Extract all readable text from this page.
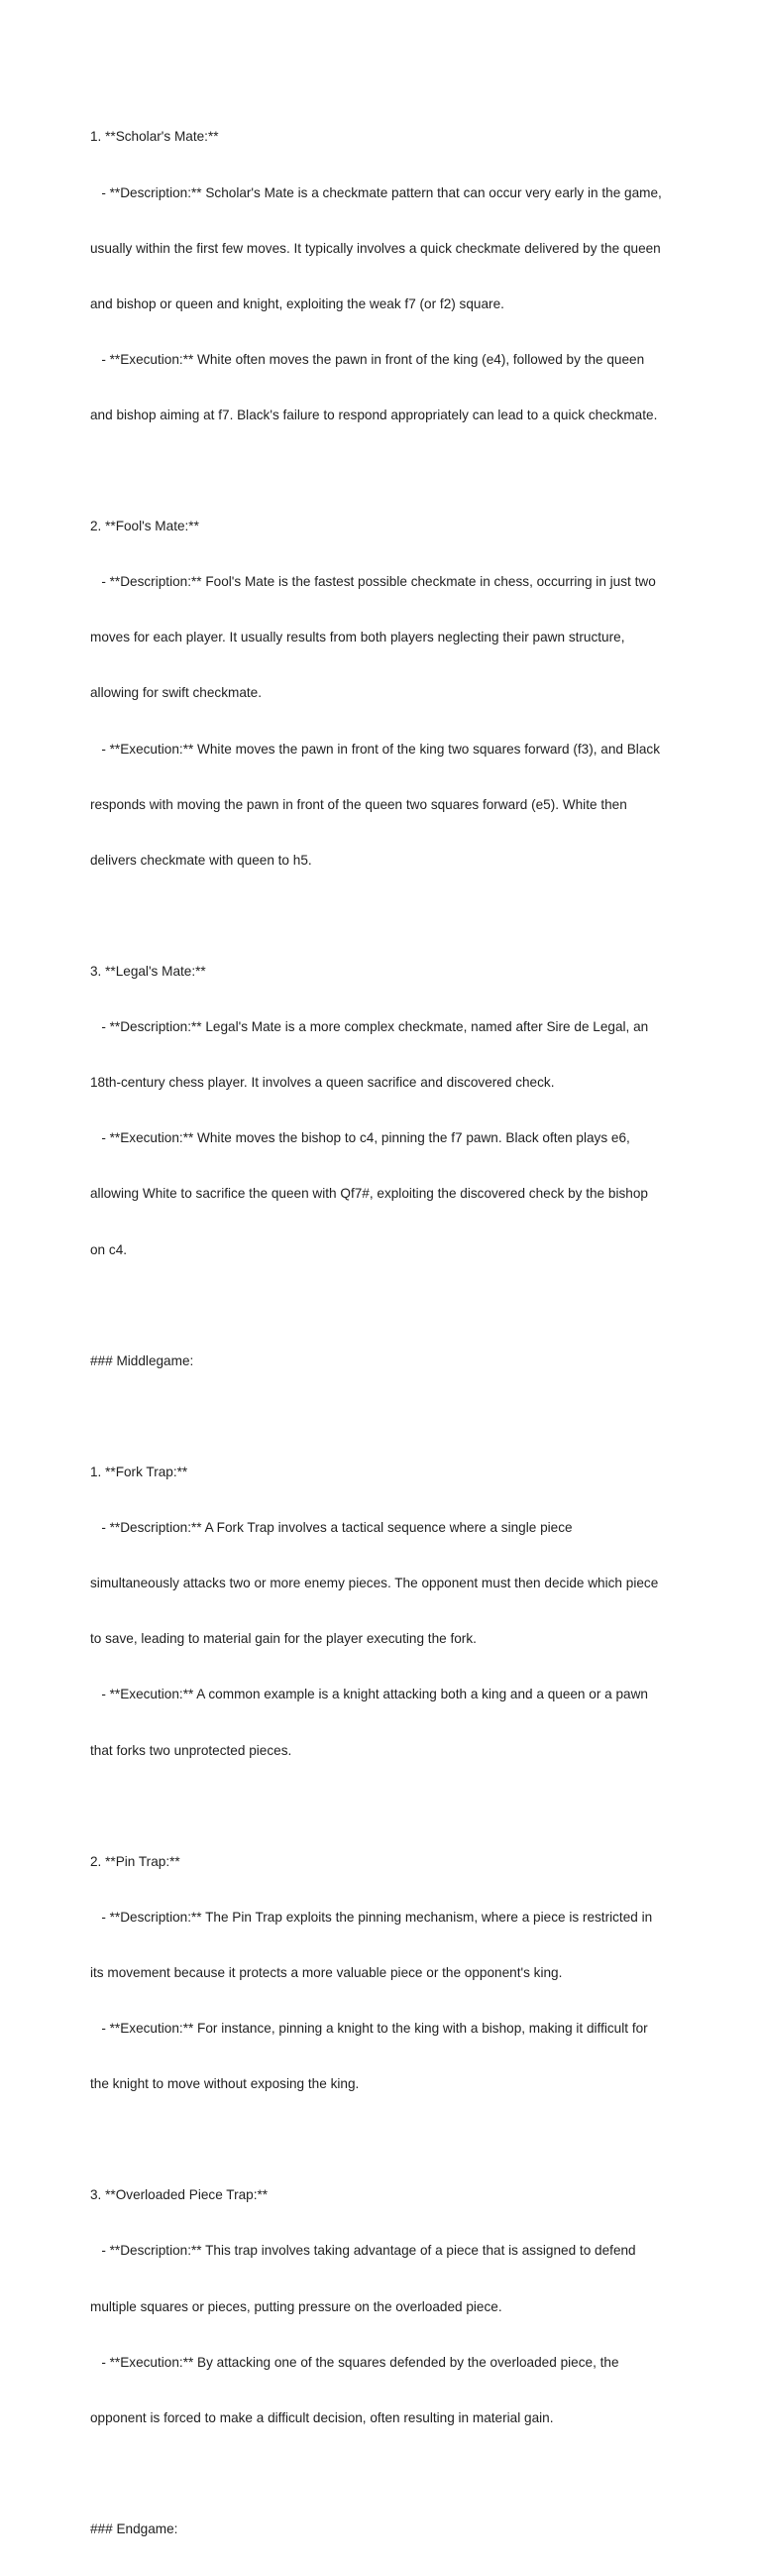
1. **Scholar's Mate:**

- **Description:** Scholar's Mate is a checkmate pattern that can occur very early in the game,

usually within the first few moves. It typically involves a quick checkmate delivered by the queen

and bishop or queen and knight, exploiting the weak f7 (or f2) square.

- **Execution:** White often moves the pawn in front of the king (e4), followed by the queen

and bishop aiming at f7. Black's failure to respond appropriately can lead to a quick checkmate.

2. **Fool's Mate:**

- **Description:** Fool's Mate is the fastest possible checkmate in chess, occurring in just two

moves for each player. It usually results from both players neglecting their pawn structure,

allowing for swift checkmate.

- **Execution:** White moves the pawn in front of the king two squares forward (f3), and Black

responds with moving the pawn in front of the queen two squares forward (e5). White then

delivers checkmate with queen to h5.

3. **Legal's Mate:**

- **Description:** Legal's Mate is a more complex checkmate, named after Sire de Legal, an

18th-century chess player. It involves a queen sacrifice and discovered check.

- **Execution:** White moves the bishop to c4, pinning the f7 pawn. Black often plays e6,

allowing White to sacrifice the queen with Qf7#, exploiting the discovered check by the bishop

on c4.

### Middlegame:

1. **Fork Trap:**

- **Description:** A Fork Trap involves a tactical sequence where a single piece

simultaneously attacks two or more enemy pieces. The opponent must then decide which piece

to save, leading to material gain for the player executing the fork.

- **Execution:** A common example is a knight attacking both a king and a queen or a pawn

that forks two unprotected pieces.

2. **Pin Trap:**

- **Description:** The Pin Trap exploits the pinning mechanism, where a piece is restricted in

its movement because it protects a more valuable piece or the opponent's king.

- **Execution:** For instance, pinning a knight to the king with a bishop, making it difficult for

the knight to move without exposing the king.

3. **Overloaded Piece Trap:**

- **Description:** This trap involves taking advantage of a piece that is assigned to defend

multiple squares or pieces, putting pressure on the overloaded piece.

- **Execution:** By attacking one of the squares defended by the overloaded piece, the

opponent is forced to make a difficult decision, often resulting in material gain.

### Endgame:
